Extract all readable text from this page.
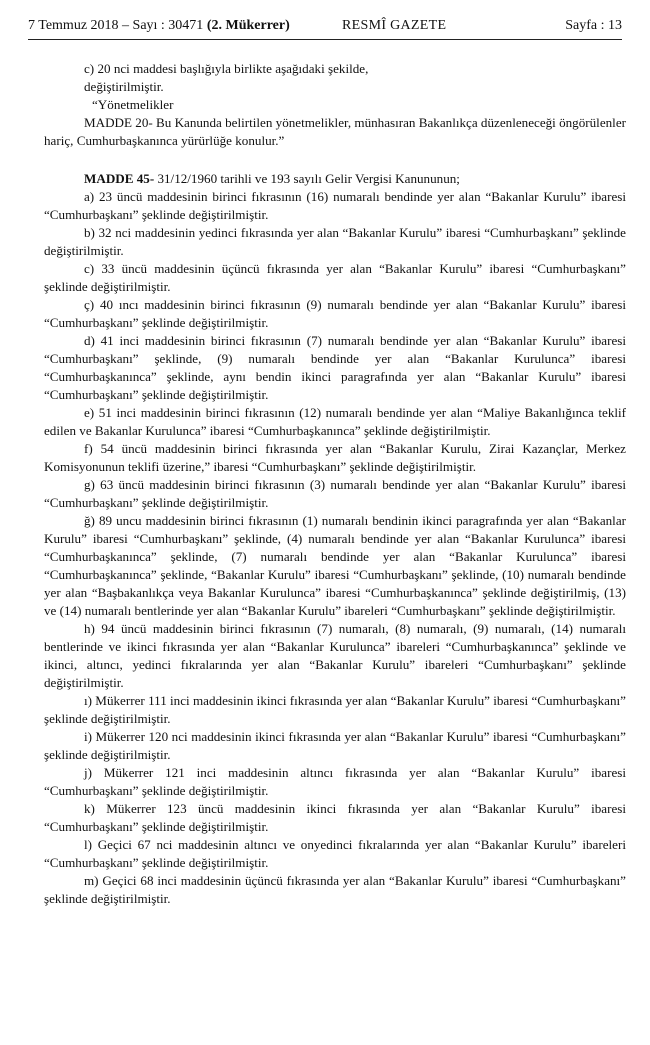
7 Temmuz 2018 – Sayı : 30471 (2. Mükerrer)	RESMÎ GAZETE	Sayfa : 13

c) 20 nci maddesi başlığıyla birlikte aşağıdaki şekilde,

değiştirilmiştir.

“Yönetmelikler

MADDE 20- Bu Kanunda belirtilen yönetmelikler, münhasıran Bakanlıkça düzenleneceği öngörülenler hariç, Cumhurbaşkanınca yürürlüğe konulur.”

MADDE 45- 31/12/1960 tarihli ve 193 sayılı Gelir Vergisi Kanununun;

a) 23 üncü maddesinin birinci fıkrasının (16) numaralı bendinde yer alan “Bakanlar Kurulu” ibaresi “Cumhurbaşkanı” şeklinde değiştirilmiştir.

b) 32 nci maddesinin yedinci fıkrasında yer alan “Bakanlar Kurulu” ibaresi “Cumhurbaşkanı” şeklinde değiştirilmiştir.

c) 33 üncü maddesinin üçüncü fıkrasında yer alan “Bakanlar Kurulu” ibaresi “Cumhurbaşkanı” şeklinde değiştirilmiştir.

ç) 40 ıncı maddesinin birinci fıkrasının (9) numaralı bendinde yer alan “Bakanlar Kurulu” ibaresi “Cumhurbaşkanı” şeklinde değiştirilmiştir.

d) 41 inci maddesinin birinci fıkrasının (7) numaralı bendinde yer alan “Bakanlar Kurulu” ibaresi “Cumhurbaşkanı” şeklinde, (9) numaralı bendinde yer alan “Bakanlar Kurulunca” ibaresi “Cumhurbaşkanınca” şeklinde, aynı bendin ikinci paragrafında yer alan “Bakanlar Kurulu” ibaresi “Cumhurbaşkanı” şeklinde değiştirilmiştir.

e) 51 inci maddesinin birinci fıkrasının (12) numaralı bendinde yer alan “Maliye Bakanlığınca teklif edilen ve Bakanlar Kurulunca” ibaresi “Cumhurbaşkanınca” şeklinde değiştirilmiştir.

f) 54 üncü maddesinin birinci fıkrasında yer alan “Bakanlar Kurulu, Zirai Kazançlar, Merkez Komisyonunun teklifi üzerine,” ibaresi “Cumhurbaşkanı” şeklinde değiştirilmiştir.

g) 63 üncü maddesinin birinci fıkrasının (3) numaralı bendinde yer alan “Bakanlar Kurulu” ibaresi “Cumhurbaşkanı” şeklinde değiştirilmiştir.

ğ) 89 uncu maddesinin birinci fıkrasının (1) numaralı bendinin ikinci paragrafında yer alan “Bakanlar Kurulu” ibaresi “Cumhurbaşkanı” şeklinde, (4) numaralı bendinde yer alan “Bakanlar Kurulunca” ibaresi “Cumhurbaşkanınca” şeklinde, (7) numaralı bendinde yer alan “Bakanlar Kurulunca” ibaresi “Cumhurbaşkanınca” şeklinde, “Bakanlar Kurulu” ibaresi “Cumhurbaşkanı” şeklinde, (10) numaralı bendinde yer alan “Başbakanlıkça veya Bakanlar Kurulunca” ibaresi “Cumhurbaşkanınca” şeklinde değiştirilmiş, (13) ve (14) numaralı bentlerinde yer alan “Bakanlar Kurulu” ibareleri “Cumhurbaşkanı” şeklinde değiştirilmiştir.

h) 94 üncü maddesinin birinci fıkrasının (7) numaralı, (8) numaralı, (9) numaralı, (14) numaralı bentlerinde ve ikinci fıkrasında yer alan “Bakanlar Kurulunca” ibareleri “Cumhurbaşkanınca” şeklinde ve ikinci, altıncı, yedinci fıkralarında yer alan “Bakanlar Kurulu” ibareleri “Cumhurbaşkanı” şeklinde değiştirilmiştir.

ı) Mükerrer 111 inci maddesinin ikinci fıkrasında yer alan “Bakanlar Kurulu” ibaresi “Cumhurbaşkanı” şeklinde değiştirilmiştir.

i) Mükerrer 120 nci maddesinin ikinci fıkrasında yer alan “Bakanlar Kurulu” ibaresi “Cumhurbaşkanı” şeklinde değiştirilmiştir.

j) Mükerrer 121 inci maddesinin altıncı fıkrasında yer alan “Bakanlar Kurulu” ibaresi “Cumhurbaşkanı” şeklinde değiştirilmiştir.

k) Mükerrer 123 üncü maddesinin ikinci fıkrasında yer alan “Bakanlar Kurulu” ibaresi “Cumhurbaşkanı” şeklinde değiştirilmiştir.

l) Geçici 67 nci maddesinin altıncı ve onyedinci fıkralarında yer alan “Bakanlar Kurulu” ibareleri “Cumhurbaşkanı” şeklinde değiştirilmiştir.

m) Geçici 68 inci maddesinin üçüncü fıkrasında yer alan “Bakanlar Kurulu” ibaresi “Cumhurbaşkanı” şeklinde değiştirilmiştir.
